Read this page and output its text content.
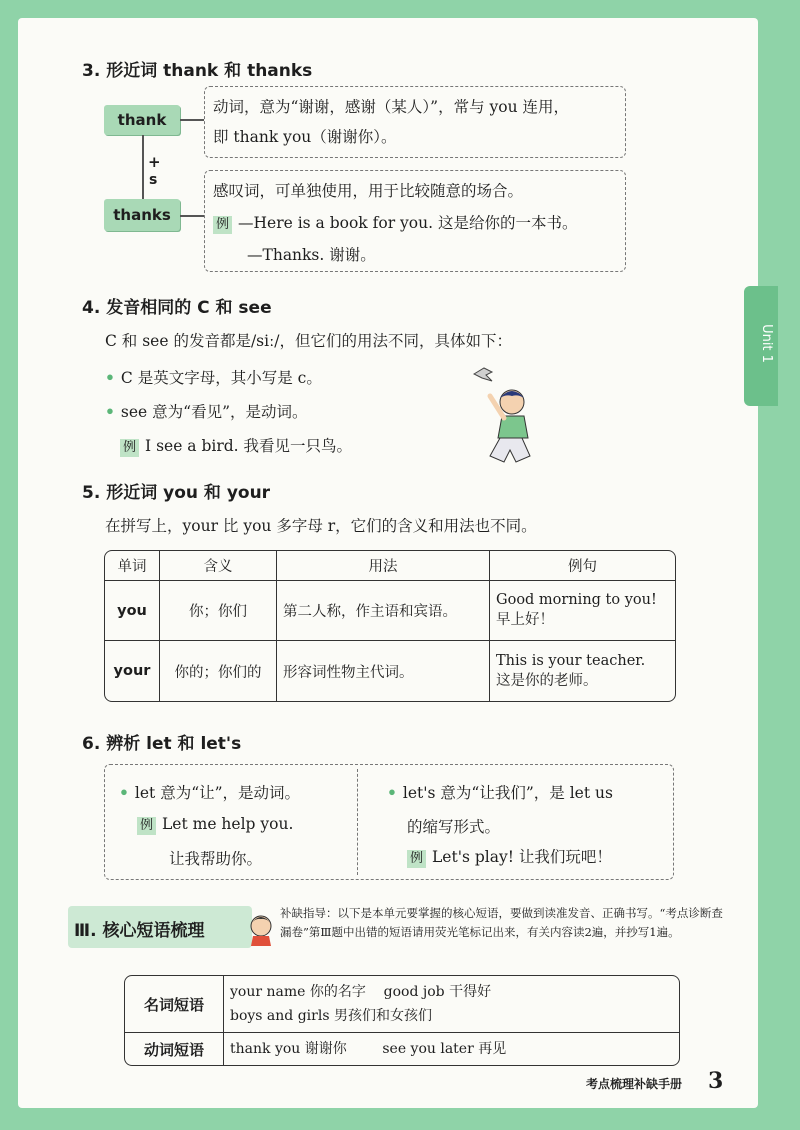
Unit 1
3. 形近词 thank 和 thanks
thank
+
s
thanks
动词，意为“谢谢，感谢（某人）”，常与 you 连用，
即 thank you（谢谢你）。
感叹词，可单独使用，用于比较随意的场合。
例 —Here is a book for you. 这是给你的一本书。
—Thanks. 谢谢。
4. 发音相同的 C 和 see
C 和 see 的发音都是/siː/，但它们的用法不同，具体如下：
• C 是英文字母，其小写是 c。
• see 意为“看见”，是动词。
例 I see a bird. 我看见一只鸟。
5. 形近词 you 和 your
在拼写上，your 比 you 多字母 r，它们的含义和用法也不同。
单词	含义	用法	例句
you	你；你们	第二人称，作主语和宾语。	Good morning to you!
早上好！

your	你的；你们的	形容词性物主代词。	This is your teacher.
这是你的老师。
6. 辨析 let 和 let's
• let 意为“让”，是动词。
例 Let me help you.
让我帮助你。
• let's 意为“让我们”，是 let us
的缩写形式。
例 Let's play! 让我们玩吧！
Ⅲ. 核心短语梳理
补缺指导：以下是本单元要掌握的核心短语，要做到读准发音、正确书写。“考点诊断查漏卷”第Ⅲ题中出错的短语请用荧光笔标记出来，有关内容读2遍，并抄写1遍。
名词短语	your name 你的名字    good job 干得好
boys and girls 男孩们和女孩们

动词短语	thank you 谢谢你        see you later 再见
考点梳理补缺手册 3
